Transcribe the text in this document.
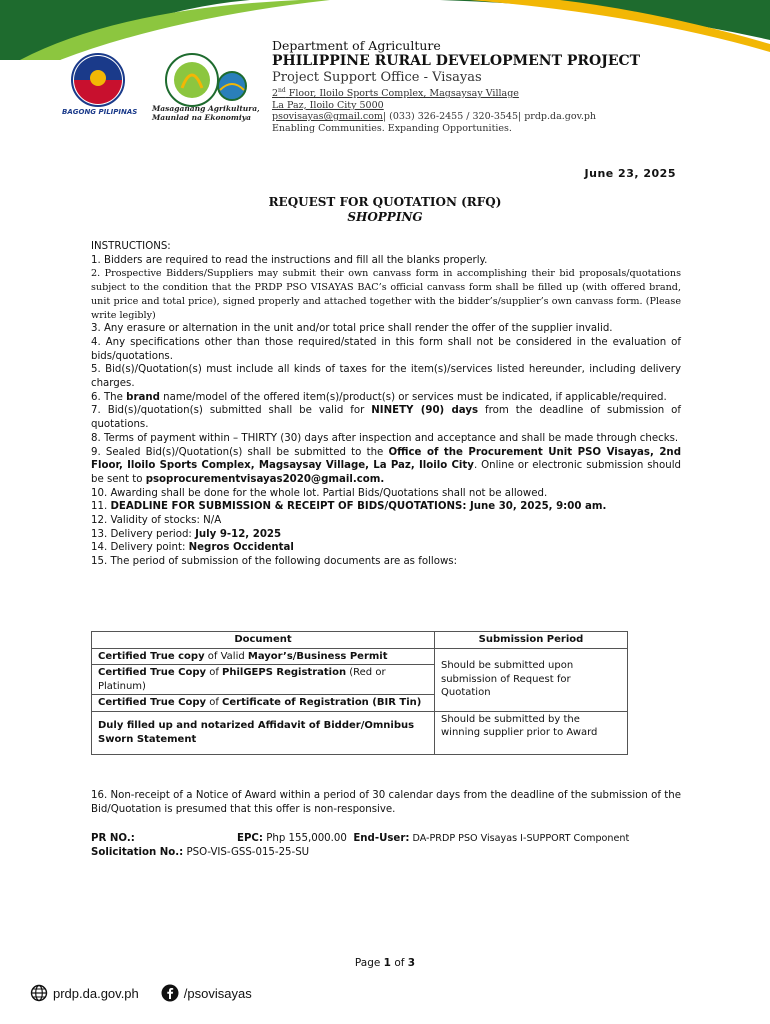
BAGONG PILIPINAS Masaganang Agrikultura,
Maunlad na Ekonomiya
Department of Agriculture
PHILIPPINE RURAL DEVELOPMENT PROJECT
Project Support Office - Visayas
2nd Floor, Iloilo Sports Complex, Magsaysay Village
La Paz, Iloilo City 5000
psovisayas@gmail.com| (033) 326-2455 / 320-3545| prdp.da.gov.ph
Enabling Communities. Expanding Opportunities.
June 23, 2025
REQUEST FOR QUOTATION (RFQ)
SHOPPING

INSTRUCTIONS:

1. Bidders are required to read the instructions and fill all the blanks properly.

2. Prospective Bidders/Suppliers may submit their own canvass form in accomplishing their bid proposals/quotations subject to the condition that the PRDP PSO VISAYAS BAC’s official canvass form shall be filled up (with offered brand, unit price and total price), signed properly and attached together with the bidder’s/supplier’s own canvass form. (Please write legibly)

3. Any erasure or alternation in the unit and/or total price shall render the offer of the supplier invalid.

4. Any specifications other than those required/stated in this form shall not be considered in the evaluation of bids/quotations.

5. Bid(s)/Quotation(s) must include all kinds of taxes for the item(s)/services listed hereunder, including delivery charges.

6. The brand name/model of the offered item(s)/product(s) or services must be indicated, if applicable/required.

7. Bid(s)/quotation(s) submitted shall be valid for NINETY (90) days from the deadline of submission of quotations.

8. Terms of payment within – THIRTY (30) days after inspection and acceptance and shall be made through checks.

9. Sealed Bid(s)/Quotation(s) shall be submitted to the Office of the Procurement Unit PSO Visayas, 2nd Floor, Iloilo Sports Complex, Magsaysay Village, La Paz, Iloilo City. Online or electronic submission should be sent to psoprocurementvisayas2020@gmail.com.

10. Awarding shall be done for the whole lot. Partial Bids/Quotations shall not be allowed.

11. DEADLINE FOR SUBMISSION & RECEIPT OF BIDS/QUOTATIONS: June 30, 2025, 9:00 am.

12. Validity of stocks: N/A

13. Delivery period: July 9-12, 2025

14. Delivery point: Negros Occidental

15. The period of submission of the following documents are as follows:

Document	Submission Period
Certified True copy of Valid Mayor’s/Business Permit	Should be submitted upon submission of Request for Quotation
Certified True Copy of PhilGEPS Registration (Red or Platinum)	
Certified True Copy of Certificate of Registration (BIR Tin)	
Duly filled up and notarized Affidavit of Bidder/Omnibus Sworn Statement	Should be submitted by the winning supplier prior to Award
16. Non-receipt of a Notice of Award within a period of 30 calendar days from the deadline of the submission of the Bid/Quotation is presumed that this offer is non-responsive.
PR NO.:	EPC: Php 155,000.00 End-User: DA-PRDP PSO Visayas I-SUPPORT Component
Solicitation No.: PSO-VIS-GSS-015-25-SU
Page 1 of 3
prdp.da.gov.ph	/psovisayas
